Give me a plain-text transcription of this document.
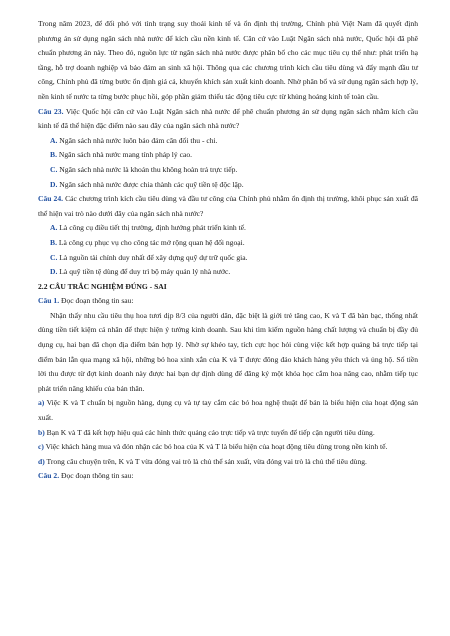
Trong năm 2023, để đối phó với tình trạng suy thoái kinh tế và ổn định thị trường, Chính phủ Việt Nam đã quyết định phương án sử dụng ngân sách nhà nước để kích cầu nền kinh tế. Căn cứ vào Luật Ngân sách nhà nước, Quốc hội đã phê chuẩn phương án này. Theo đó, nguồn lực từ ngân sách nhà nước được phân bổ cho các mục tiêu cụ thể như: phát triển hạ tầng, hỗ trợ doanh nghiệp và bảo đảm an sinh xã hội. Thông qua các chương trình kích cầu tiêu dùng và đẩy mạnh đầu tư công, Chính phủ đã từng bước ổn định giá cả, khuyến khích sản xuất kinh doanh. Nhờ phân bổ và sử dụng ngân sách hợp lý, nền kinh tế nước ta từng bước phục hồi, góp phần giảm thiểu tác động tiêu cực từ khủng hoảng kinh tế toàn cầu.

Câu 23. Việc Quốc hội căn cứ vào Luật Ngân sách nhà nước để phê chuẩn phương án sử dụng ngân sách nhằm kích cầu kinh tế đã thể hiện đặc điểm nào sau đây của ngân sách nhà nước?

A. Ngân sách nhà nước luôn bảo đảm cân đối thu - chi.

B. Ngân sách nhà nước mang tính pháp lý cao.

C. Ngân sách nhà nước là khoản thu không hoàn trả trực tiếp.

D. Ngân sách nhà nước được chia thành các quỹ tiền tệ độc lập.

Câu 24. Các chương trình kích cầu tiêu dùng và đầu tư công của Chính phủ nhằm ổn định thị trường, khôi phục sản xuất đã thể hiện vai trò nào dưới đây của ngân sách nhà nước?

A. Là công cụ điều tiết thị trường, định hướng phát triển kinh tế.

B. Là công cụ phục vụ cho công tác mở rộng quan hệ đối ngoại.

C. Là nguồn tài chính duy nhất để xây dựng quỹ dự trữ quốc gia.

D. Là quỹ tiền tệ dùng để duy trì bộ máy quản lý nhà nước.

2.2 CÂU TRẮC NGHIỆM ĐÚNG - SAI

Câu 1. Đọc đoạn thông tin sau:

Nhận thấy nhu cầu tiêu thụ hoa tươi dịp 8/3 của người dân, đặc biệt là giới trẻ tăng cao, K và T đã bàn bạc, thống nhất dùng tiền tiết kiệm cá nhân để thực hiện ý tưởng kinh doanh. Sau khi tìm kiếm nguồn hàng chất lượng và chuẩn bị đầy đủ dụng cụ, hai bạn đã chọn địa điểm bán hợp lý. Nhờ sự khéo tay, tích cực học hỏi cùng việc kết hợp quảng bá trực tiếp tại điểm bán lẫn qua mạng xã hội, những bó hoa xinh xắn của K và T được đông đảo khách hàng yêu thích và ủng hộ. Số tiền lời thu được từ đợt kinh doanh này được hai bạn dự định dùng để đăng ký một khóa học cắm hoa nâng cao, nhằm tiếp tục phát triển năng khiếu của bản thân.

a) Việc K và T chuẩn bị nguồn hàng, dụng cụ và tự tay cắm các bó hoa nghệ thuật để bán là biểu hiện của hoạt động sản xuất.

b) Bạn K và T đã kết hợp hiệu quả các hình thức quảng cáo trực tiếp và trực tuyến để tiếp cận người tiêu dùng.

c) Việc khách hàng mua và đón nhận các bó hoa của K và T là biểu hiện của hoạt động tiêu dùng trong nền kinh tế.

d) Trong câu chuyện trên, K và T vừa đóng vai trò là chủ thể sản xuất, vừa đóng vai trò là chủ thể tiêu dùng.

Câu 2. Đọc đoạn thông tin sau:
